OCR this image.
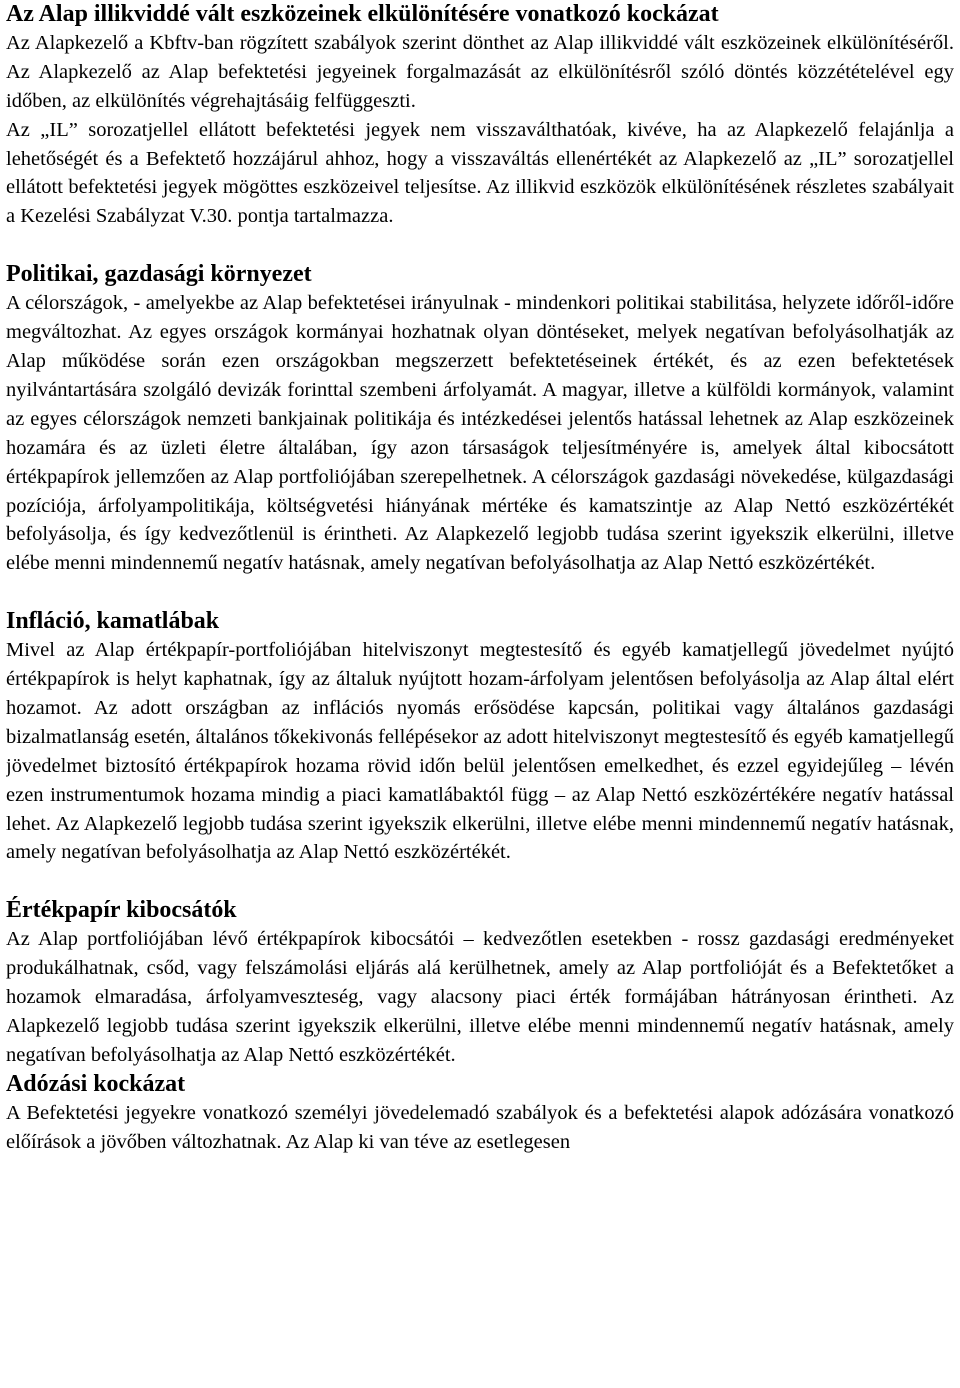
Az Alap illikviddé vált eszközeinek elkülönítésére vonatkozó kockázat

Az Alapkezelő a Kbftv-ban rögzített szabályok szerint dönthet az Alap illikviddé vált eszközeinek elkülönítéséről. Az Alapkezelő az Alap befektetési jegyeinek forgalmazását az elkülönítésről szóló döntés közzétételével egy időben, az elkülönítés végrehajtásáig felfüggeszti.

Az „IL” sorozatjellel ellátott befektetési jegyek nem visszaválthatóak, kivéve, ha az Alapkezelő felajánlja a lehetőségét és a Befektető hozzájárul ahhoz, hogy a visszaváltás ellenértékét az Alapkezelő az „IL” sorozatjellel ellátott befektetési jegyek mögöttes eszközeivel teljesítse. Az illikvid eszközök elkülönítésének részletes szabályait a Kezelési Szabályzat V.30. pontja tartalmazza.

Politikai, gazdasági környezet

A célországok, - amelyekbe az Alap befektetései irányulnak - mindenkori politikai stabilitása, helyzete időről-időre megváltozhat. Az egyes országok kormányai hozhatnak olyan döntéseket, melyek negatívan befolyásolhatják az Alap működése során ezen országokban megszerzett befektetéseinek értékét, és az ezen befektetések nyilvántartására szolgáló devizák forinttal szembeni árfolyamát. A magyar, illetve a külföldi kormányok, valamint az egyes célországok nemzeti bankjainak politikája és intézkedései jelentős hatással lehetnek az Alap eszközeinek hozamára és az üzleti életre általában, így azon társaságok teljesítményére is, amelyek által kibocsátott értékpapírok jellemzően az Alap portfoliójában szerepelhetnek. A célországok gazdasági növekedése, külgazdasági pozíciója, árfolyampolitikája, költségvetési hiányának mértéke és kamatszintje az Alap Nettó eszközértékét befolyásolja, és így kedvezőtlenül is érintheti. Az Alapkezelő legjobb tudása szerint igyekszik elkerülni, illetve elébe menni mindennemű negatív hatásnak, amely negatívan befolyásolhatja az Alap Nettó eszközértékét.

Infláció, kamatlábak

Mivel az Alap értékpapír-portfoliójában hitelviszonyt megtestesítő és egyéb kamatjellegű jövedelmet nyújtó értékpapírok is helyt kaphatnak, így az általuk nyújtott hozam-árfolyam jelentősen befolyásolja az Alap által elért hozamot. Az adott országban az inflációs nyomás erősödése kapcsán, politikai vagy általános gazdasági bizalmatlanság esetén, általános tőkekivonás fellépésekor az adott hitelviszonyt megtestesítő és egyéb kamatjellegű jövedelmet biztosító értékpapírok hozama rövid időn belül jelentősen emelkedhet, és ezzel egyidejűleg – lévén ezen instrumentumok hozama mindig a piaci kamatlábaktól függ – az Alap Nettó eszközértékére negatív hatással lehet. Az Alapkezelő legjobb tudása szerint igyekszik elkerülni, illetve elébe menni mindennemű negatív hatásnak, amely negatívan befolyásolhatja az Alap Nettó eszközértékét.

Értékpapír kibocsátók

Az Alap portfoliójában lévő értékpapírok kibocsátói – kedvezőtlen esetekben - rossz gazdasági eredményeket produkálhatnak, csőd, vagy felszámolási eljárás alá kerülhetnek, amely az Alap portfolióját és a Befektetőket a hozamok elmaradása, árfolyamveszteség, vagy alacsony piaci érték formájában hátrányosan érintheti. Az Alapkezelő legjobb tudása szerint igyekszik elkerülni, illetve elébe menni mindennemű negatív hatásnak, amely negatívan befolyásolhatja az Alap Nettó eszközértékét.

Adózási kockázat

A Befektetési jegyekre vonatkozó személyi jövedelemadó szabályok és a befektetési alapok adózására vonatkozó előírások a jövőben változhatnak. Az Alap ki van téve az esetlegesen
